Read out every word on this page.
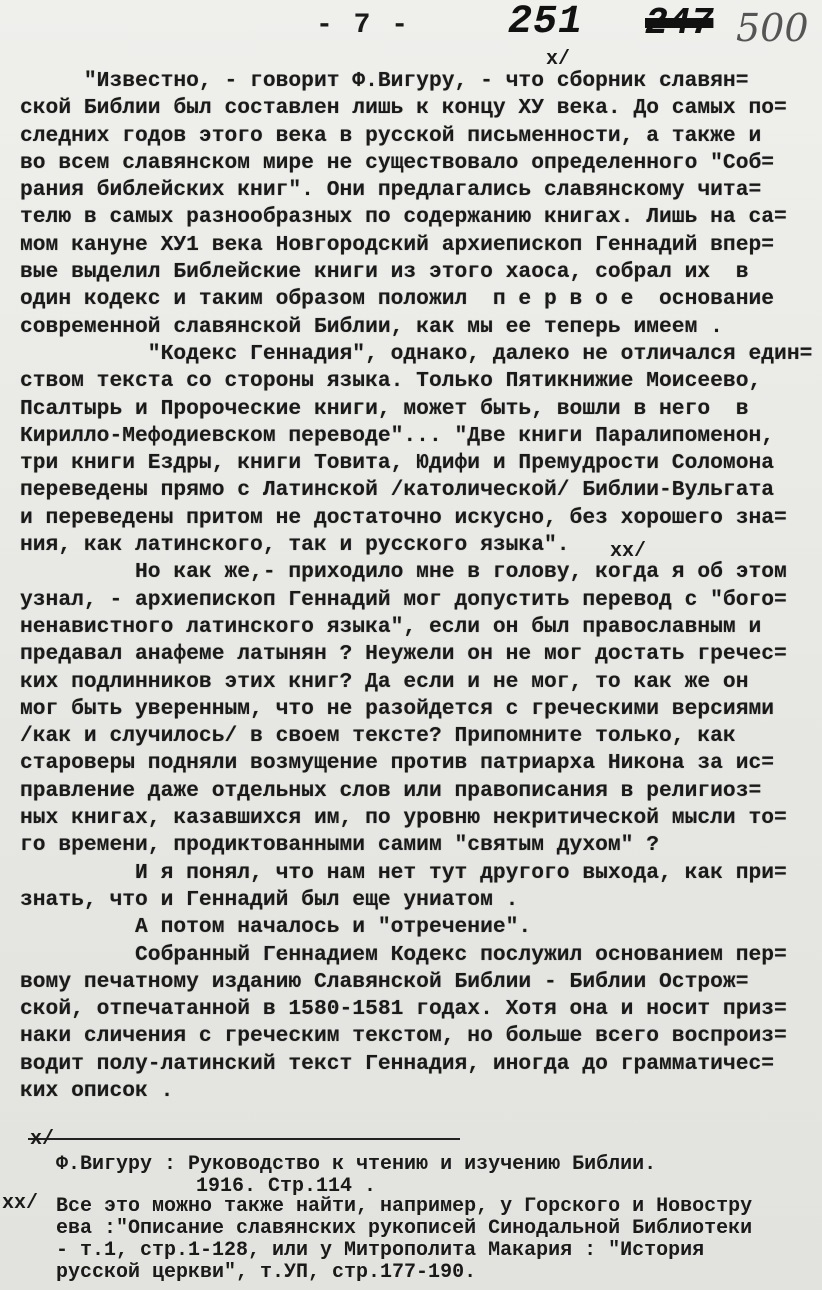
- 7 - 251 247 500
x/
xx/
"Известно, - говорит Ф.Вигуру, - что сборник славян=
ской Библии был составлен лишь к концу ХУ века. До самых по=
следних годов этого века в русской письменности, а также и
во всем славянском мире не существовало определенного "Соб=
рания библейских книг". Они предлагались славянскому чита=
телю в самых разнообразных по содержанию книгах. Лишь на са=
мом кануне ХУ1 века Новгородский архиепископ Геннадий впер=
вые выделил Библейские книги из этого хаоса, собрал их  в
один кодекс и таким образом положил  п е р в о е  основание
современной славянской Библии, как мы ее теперь имеем .
"Кодекс Геннадия", однако, далеко не отличался един=
ством текста со стороны языка. Только Пятикнижие Моисеево,
Псалтырь и Пророческие книги, может быть, вошли в него  в
Кирилло-Мефодиевском переводе"... "Две книги Паралипоменон,
три книги Ездры, книги Товита, Юдифи и Премудрости Соломона
переведены прямо с Латинской /католической/ Библии-Вульгата
и переведены притом не достаточно искусно, без хорошего зна=
ния, как латинского, так и русского языка".
Но как же,- приходило мне в голову, когда я об этом
узнал, - архиепископ Геннадий мог допустить перевод с "бого=
ненавистного латинского языка", если он был православным и
предавал анафеме латынян ? Неужели он не мог достать гречес=
ких подлинников этих книг? Да если и не мог, то как же он
мог быть уверенным, что не разойдется с греческими версиями
/как и случилось/ в своем тексте? Припомните только, как
староверы подняли возмущение против патриарха Никона за ис=
правление даже отдельных слов или правописания в религиоз=
ных книгах, казавшихся им, по уровню некритической мысли то=
го времени, продиктованными самим "святым духом" ?
И я понял, что нам нет тут другого выхода, как при=
знать, что и Геннадий был еще униатом .
А потом началось и "отречение".
Собранный Геннадием Кодекс послужил основанием пер=
вому печатному изданию Славянской Библии - Библии Острож=
ской, отпечатанной в 1580-1581 годах. Хотя она и носит приз=
наки сличения с греческим текстом, но больше всего воспроиз=
водит полу-латинский текст Геннадия, иногда до грамматичес=
ких описок .
x/
Ф.Вигуру : Руководство к чтению и изучению Библии.
1916. Стр.114 .
xx/ Все это можно также найти, например, у Горского и Новостру
ева :"Описание славянских рукописей Синодальной Библиотеки
- т.1, стр.1-128, или у Митрополита Макария : "История
русской церкви", т.УП, стр.177-190.
